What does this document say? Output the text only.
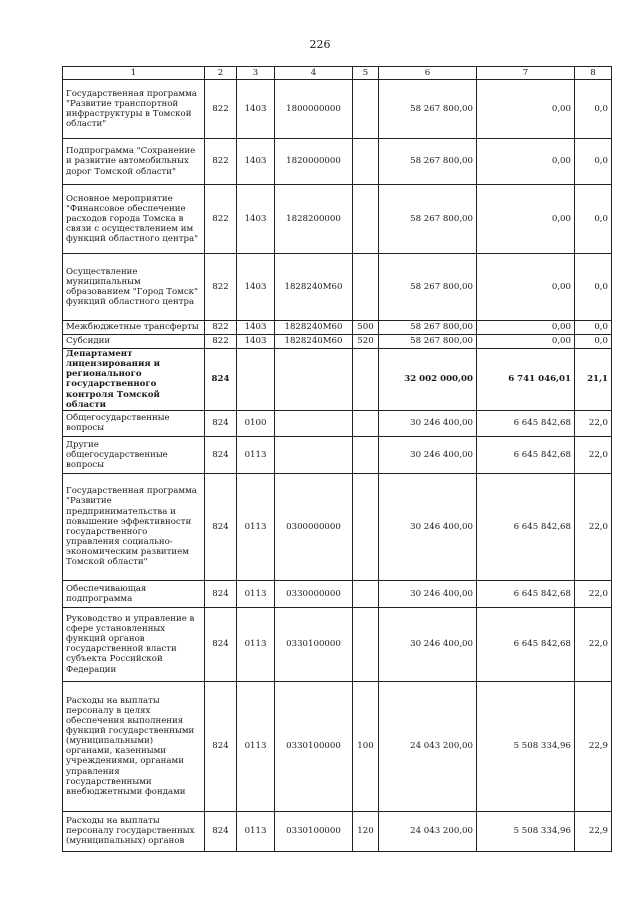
226
1	2	3	4	5	6	7	8
Государственная программа "Развитие транспортной инфраструктуры в Томской области"	822	1403	1800000000		58 267 800,00	0,00	0,0
Подпрограмма "Сохранение и развитие автомобильных дорог Томской области"	822	1403	1820000000		58 267 800,00	0,00	0,0
Основное мероприятие "Финансовое обеспечение расходов города Томска в связи с осуществлением им функций областного центра"	822	1403	1828200000		58 267 800,00	0,00	0,0
Осуществление муниципальным образованием "Город Томск" функций областного центра	822	1403	1828240М60		58 267 800,00	0,00	0,0
Межбюджетные трансферты	822	1403	1828240М60	500	58 267 800,00	0,00	0,0
Субсидии	822	1403	1828240М60	520	58 267 800,00	0,00	0,0
Департамент лицензирования и регионального государственного контроля Томской области	824				32 002 000,00	6 741 046,01	21,1
Общегосударственные вопросы	824	0100			30 246 400,00	6 645 842,68	22,0
Другие общегосударственные вопросы	824	0113			30 246 400,00	6 645 842,68	22,0
Государственная программа "Развитие предпринимательства и повышение эффективности государственного управления социально-экономическим развитием Томской области"	824	0113	0300000000		30 246 400,00	6 645 842,68	22,0
Обеспечивающая подпрограмма	824	0113	0330000000		30 246 400,00	6 645 842,68	22,0
Руководство и управление в сфере установленных функций органов государственной власти субъекта Российской Федерации	824	0113	0330100000		30 246 400,00	6 645 842,68	22,0
Расходы на выплаты персоналу в целях обеспечения выполнения функций государственными (муниципальными) органами, казенными учреждениями, органами управления государственными внебюджетными фондами	824	0113	0330100000	100	24 043 200,00	5 508 334,96	22,9
Расходы на выплаты персоналу государственных (муниципальных) органов	824	0113	0330100000	120	24 043 200,00	5 508 334,96	22,9
